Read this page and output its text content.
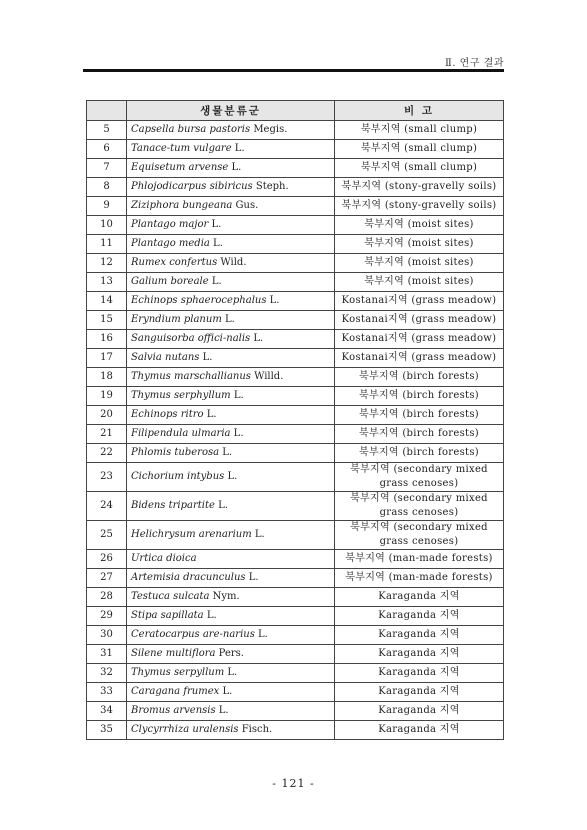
Ⅱ. 연구 결과
	생물분류군	비 고
5	Capsella bursa pastoris Megis.	북부지역 (small clump)
6	Tanace-tum vulgare L.	북부지역 (small clump)
7	Equisetum arvense L.	북부지역 (small clump)
8	Phlojodicarpus sibiricus Steph.	북부지역 (stony-gravelly soils)
9	Ziziphora bungeana Gus.	북부지역 (stony-gravelly soils)
10	Plantago major L.	북부지역 (moist sites)
11	Plantago media L.	북부지역 (moist sites)
12	Rumex confertus Wild.	북부지역 (moist sites)
13	Galium boreale L.	북부지역 (moist sites)
14	Echinops sphaerocephalus L.	Kostanai지역 (grass meadow)
15	Eryndium planum L.	Kostanai지역 (grass meadow)
16	Sanguisorba offici-nalis L.	Kostanai지역 (grass meadow)
17	Salvia nutans L.	Kostanai지역 (grass meadow)
18	Thymus marschallianus Willd.	북부지역 (birch forests)
19	Thymus serphyllum L.	북부지역 (birch forests)
20	Echinops ritro L.	북부지역 (birch forests)
21	Filipendula ulmaria L.	북부지역 (birch forests)
22	Phlomis tuberosa L.	북부지역 (birch forests)
23	Cichorium intybus L.	북부지역 (secondary mixed grass cenoses)
24	Bidens tripartite L.	북부지역 (secondary mixed grass cenoses)
25	Helichrysum arenarium L.	북부지역 (secondary mixed grass cenoses)
26	Urtica dioica	북부지역 (man-made forests)
27	Artemisia dracunculus L.	북부지역 (man-made forests)
28	Testuca sulcata Nym.	Karaganda 지역
29	Stipa sapillata L.	Karaganda 지역
30	Ceratocarpus are-narius L.	Karaganda 지역
31	Silene multiflora Pers.	Karaganda 지역
32	Thymus serpyllum L.	Karaganda 지역
33	Caragana frumex L.	Karaganda 지역
34	Bromus arvensis L.	Karaganda 지역
35	Clycyrrhiza uralensis Fisch.	Karaganda 지역
- 121 -
